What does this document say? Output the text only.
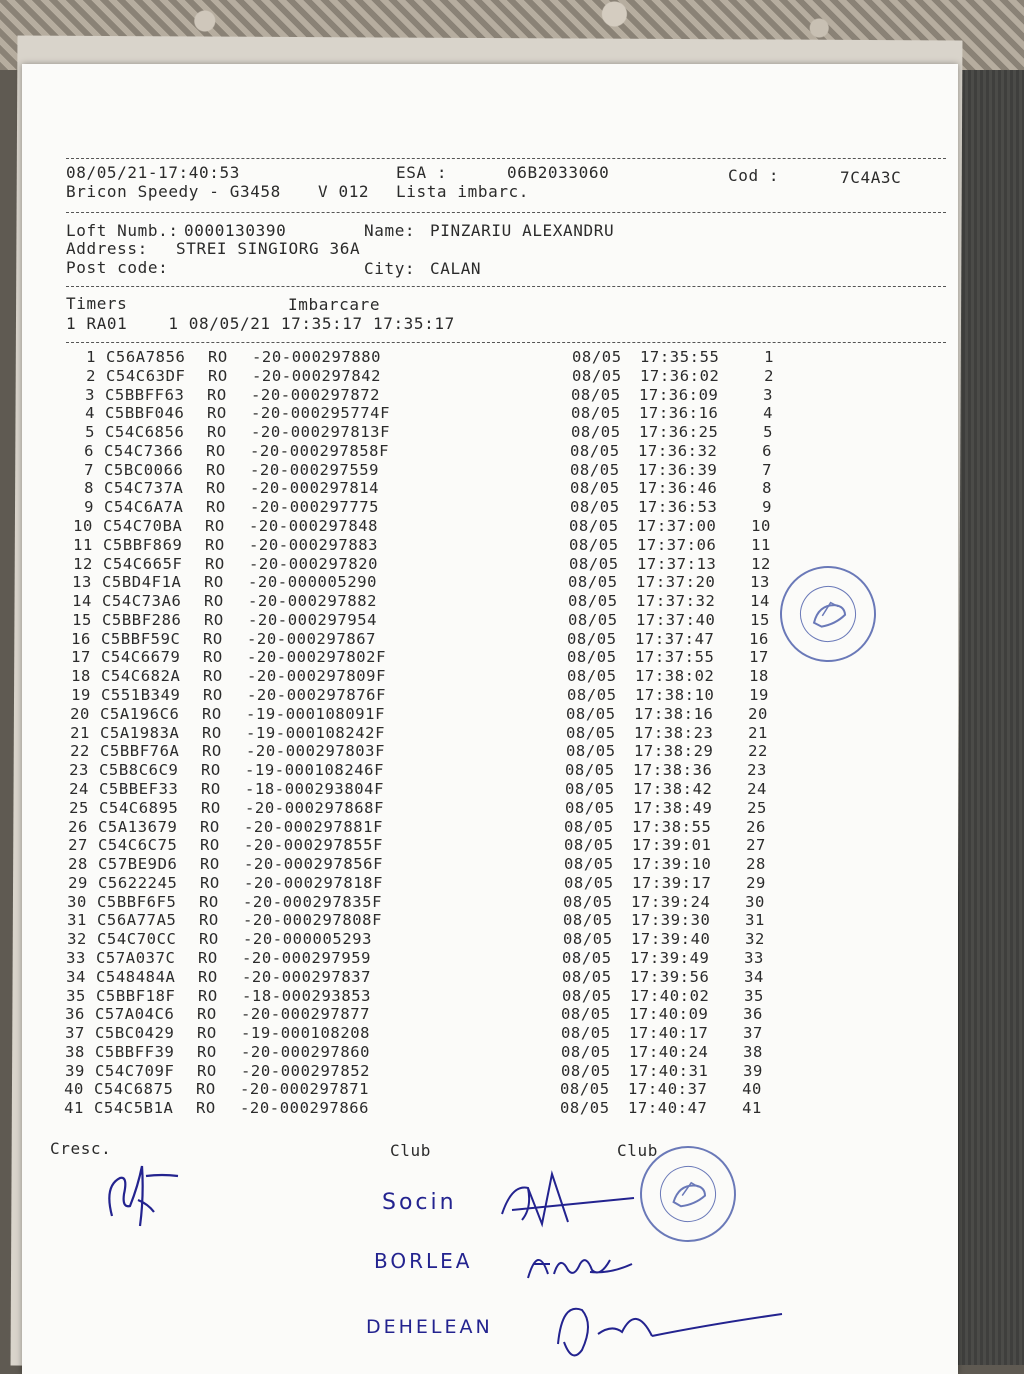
08/05/21-17:40:53	ESA :	06B2033060	Cod :	7C4A3C
Bricon Speedy - G3458 V 012 Lista imbarc.
Loft Numb.: 0000130390	Name: PINZARIU ALEXANDRU
Address: STREI SINGIORG 36A
Post code:	City: CALAN
Timers	Imbarcare
1 RA01    1 08/05/21 17:35:17 17:35:17
1 C56A7856 RO -20-000297880	08/05 17:35:55	1
2 C54C63DF RO -20-000297842	08/05 17:36:02	2
3 C5BBFF63 RO -20-000297872	08/05 17:36:09	3
4 C5BBF046 RO -20-000295774F	08/05 17:36:16	4
5 C54C6856 RO -20-000297813F	08/05 17:36:25	5
6 C54C7366 RO -20-000297858F	08/05 17:36:32	6
7 C5BC0066 RO -20-000297559	08/05 17:36:39	7
8 C54C737A RO -20-000297814	08/05 17:36:46	8
9 C54C6A7A RO -20-000297775	08/05 17:36:53	9
10 C54C70BA RO -20-000297848	08/05 17:37:00	10
11 C5BBF869 RO -20-000297883	08/05 17:37:06	11
12 C54C665F RO -20-000297820	08/05 17:37:13	12
13 C5BD4F1A RO -20-000005290	08/05 17:37:20	13
14 C54C73A6 RO -20-000297882	08/05 17:37:32	14
15 C5BBF286 RO -20-000297954	08/05 17:37:40	15
16 C5BBF59C RO -20-000297867	08/05 17:37:47	16
17 C54C6679 RO -20-000297802F	08/05 17:37:55	17
18 C54C682A RO -20-000297809F	08/05 17:38:02	18
19 C551B349 RO -20-000297876F	08/05 17:38:10	19
20 C5A196C6 RO -19-000108091F	08/05 17:38:16	20
21 C5A1983A RO -19-000108242F	08/05 17:38:23	21
22 C5BBF76A RO -20-000297803F	08/05 17:38:29	22
23 C5B8C6C9 RO -19-000108246F	08/05 17:38:36	23
24 C5BBEF33 RO -18-000293804F	08/05 17:38:42	24
25 C54C6895 RO -20-000297868F	08/05 17:38:49	25
26 C5A13679 RO -20-000297881F	08/05 17:38:55	26
27 C54C6C75 RO -20-000297855F	08/05 17:39:01	27
28 C57BE9D6 RO -20-000297856F	08/05 17:39:10	28
29 C5622245 RO -20-000297818F	08/05 17:39:17	29
30 C5BBF6F5 RO -20-000297835F	08/05 17:39:24	30
31 C56A77A5 RO -20-000297808F	08/05 17:39:30	31
32 C54C70CC RO -20-000005293	08/05 17:39:40	32
33 C57A037C RO -20-000297959	08/05 17:39:49	33
34 C548484A RO -20-000297837	08/05 17:39:56	34
35 C5BBF18F RO -18-000293853	08/05 17:40:02	35
36 C57A04C6 RO -20-000297877	08/05 17:40:09	36
37 C5BC0429 RO -19-000108208	08/05 17:40:17	37
38 C5BBFF39 RO -20-000297860	08/05 17:40:24	38
39 C54C709F RO -20-000297852	08/05 17:40:31	39
40 C54C6875 RO -20-000297871	08/05 17:40:37	40
41 C54C5B1A RO -20-000297866	08/05 17:40:47	41
Cresc.	Club	Club
Socin
BORLEA
DEHELEAN
